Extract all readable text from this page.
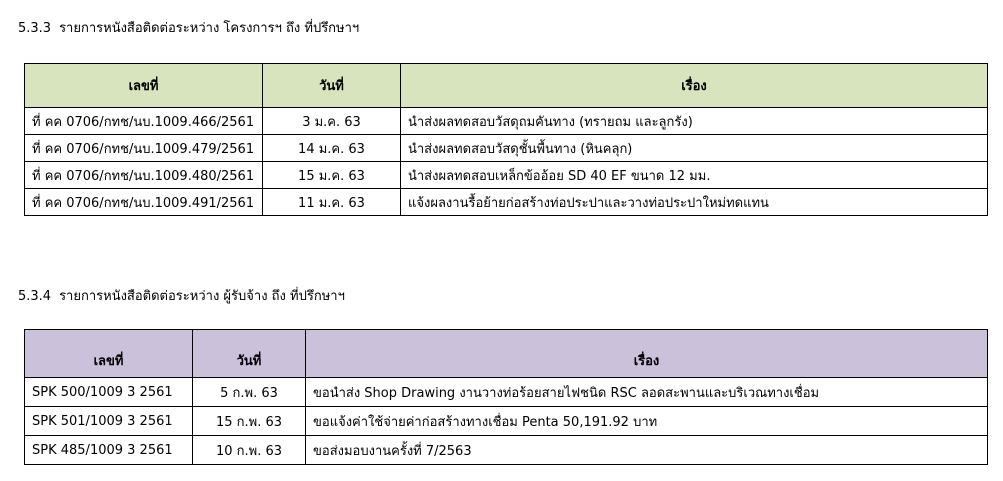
5.3.3 รายการหนังสือติดต่อระหว่าง โครงการฯ ถึง ที่ปรึกษาฯ
เลขที่	วันที่	เรื่อง
ที่ คค 0706/กทช/นบ.1009.466/2561	3 ม.ค. 63	นำส่งผลทดสอบวัสดุถมคันทาง (ทรายถม และลูกรัง)
ที่ คค 0706/กทช/นบ.1009.479/2561	14 ม.ค. 63	นำส่งผลทดสอบวัสดุชั้นพื้นทาง (หินคลุก)
ที่ คค 0706/กทช/นบ.1009.480/2561	15 ม.ค. 63	นำส่งผลทดสอบเหล็กข้ออ้อย SD 40 EF ขนาด 12 มม.
ที่ คค 0706/กทช/นบ.1009.491/2561	11 ม.ค. 63	แจ้งผลงานรื้อย้ายก่อสร้างท่อประปาและวางท่อประปาใหม่ทดแทน
5.3.4 รายการหนังสือติดต่อระหว่าง ผู้รับจ้าง ถึง ที่ปรึกษาฯ
เลขที่	วันที่	เรื่อง
SPK 500/1009 3 2561	5 ก.พ. 63	ขอนำส่ง Shop Drawing งานวางท่อร้อยสายไฟชนิด RSC ลอดสะพานและบริเวณทางเชื่อม
SPK 501/1009 3 2561	15 ก.พ. 63	ขอแจ้งค่าใช้จ่ายค่าก่อสร้างทางเชื่อม Penta 50,191.92 บาท
SPK 485/1009 3 2561	10 ก.พ. 63	ขอส่งมอบงานครั้งที่ 7/2563
